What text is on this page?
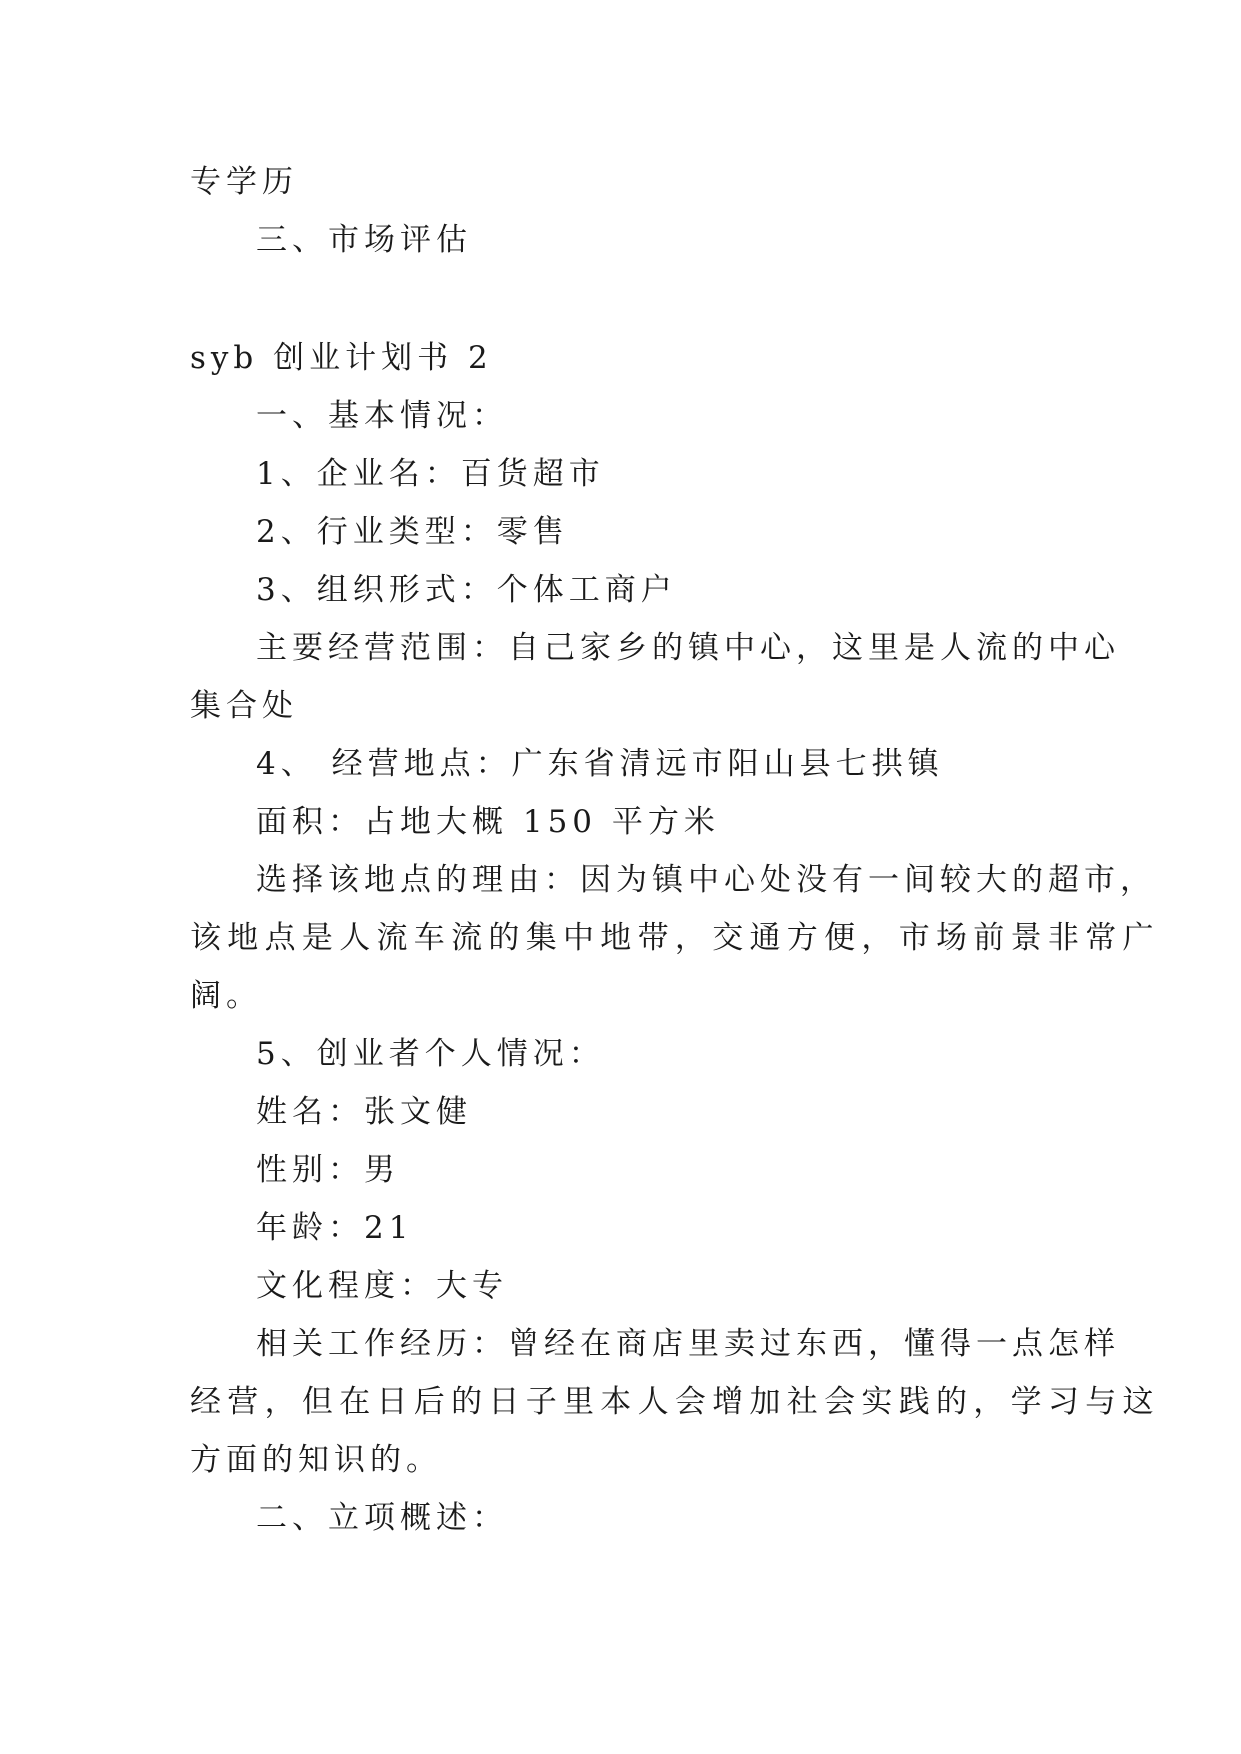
专学历

三、市场评估

syb 创业计划书 2

一、基本情况：

1、企业名：百货超市

2、行业类型：零售

3、组织形式：个体工商户

主要经营范围：自己家乡的镇中心，这里是人流的中心

集合处

4、 经营地点：广东省清远市阳山县七拱镇

面积：占地大概 150 平方米

选择该地点的理由：因为镇中心处没有一间较大的超市，

该地点是人流车流的集中地带，交通方便，市场前景非常广

阔。

5、创业者个人情况：

姓名：张文健

性别：男

年龄：21

文化程度：大专

相关工作经历：曾经在商店里卖过东西，懂得一点怎样

经营，但在日后的日子里本人会增加社会实践的，学习与这

方面的知识的。

二、立项概述：
